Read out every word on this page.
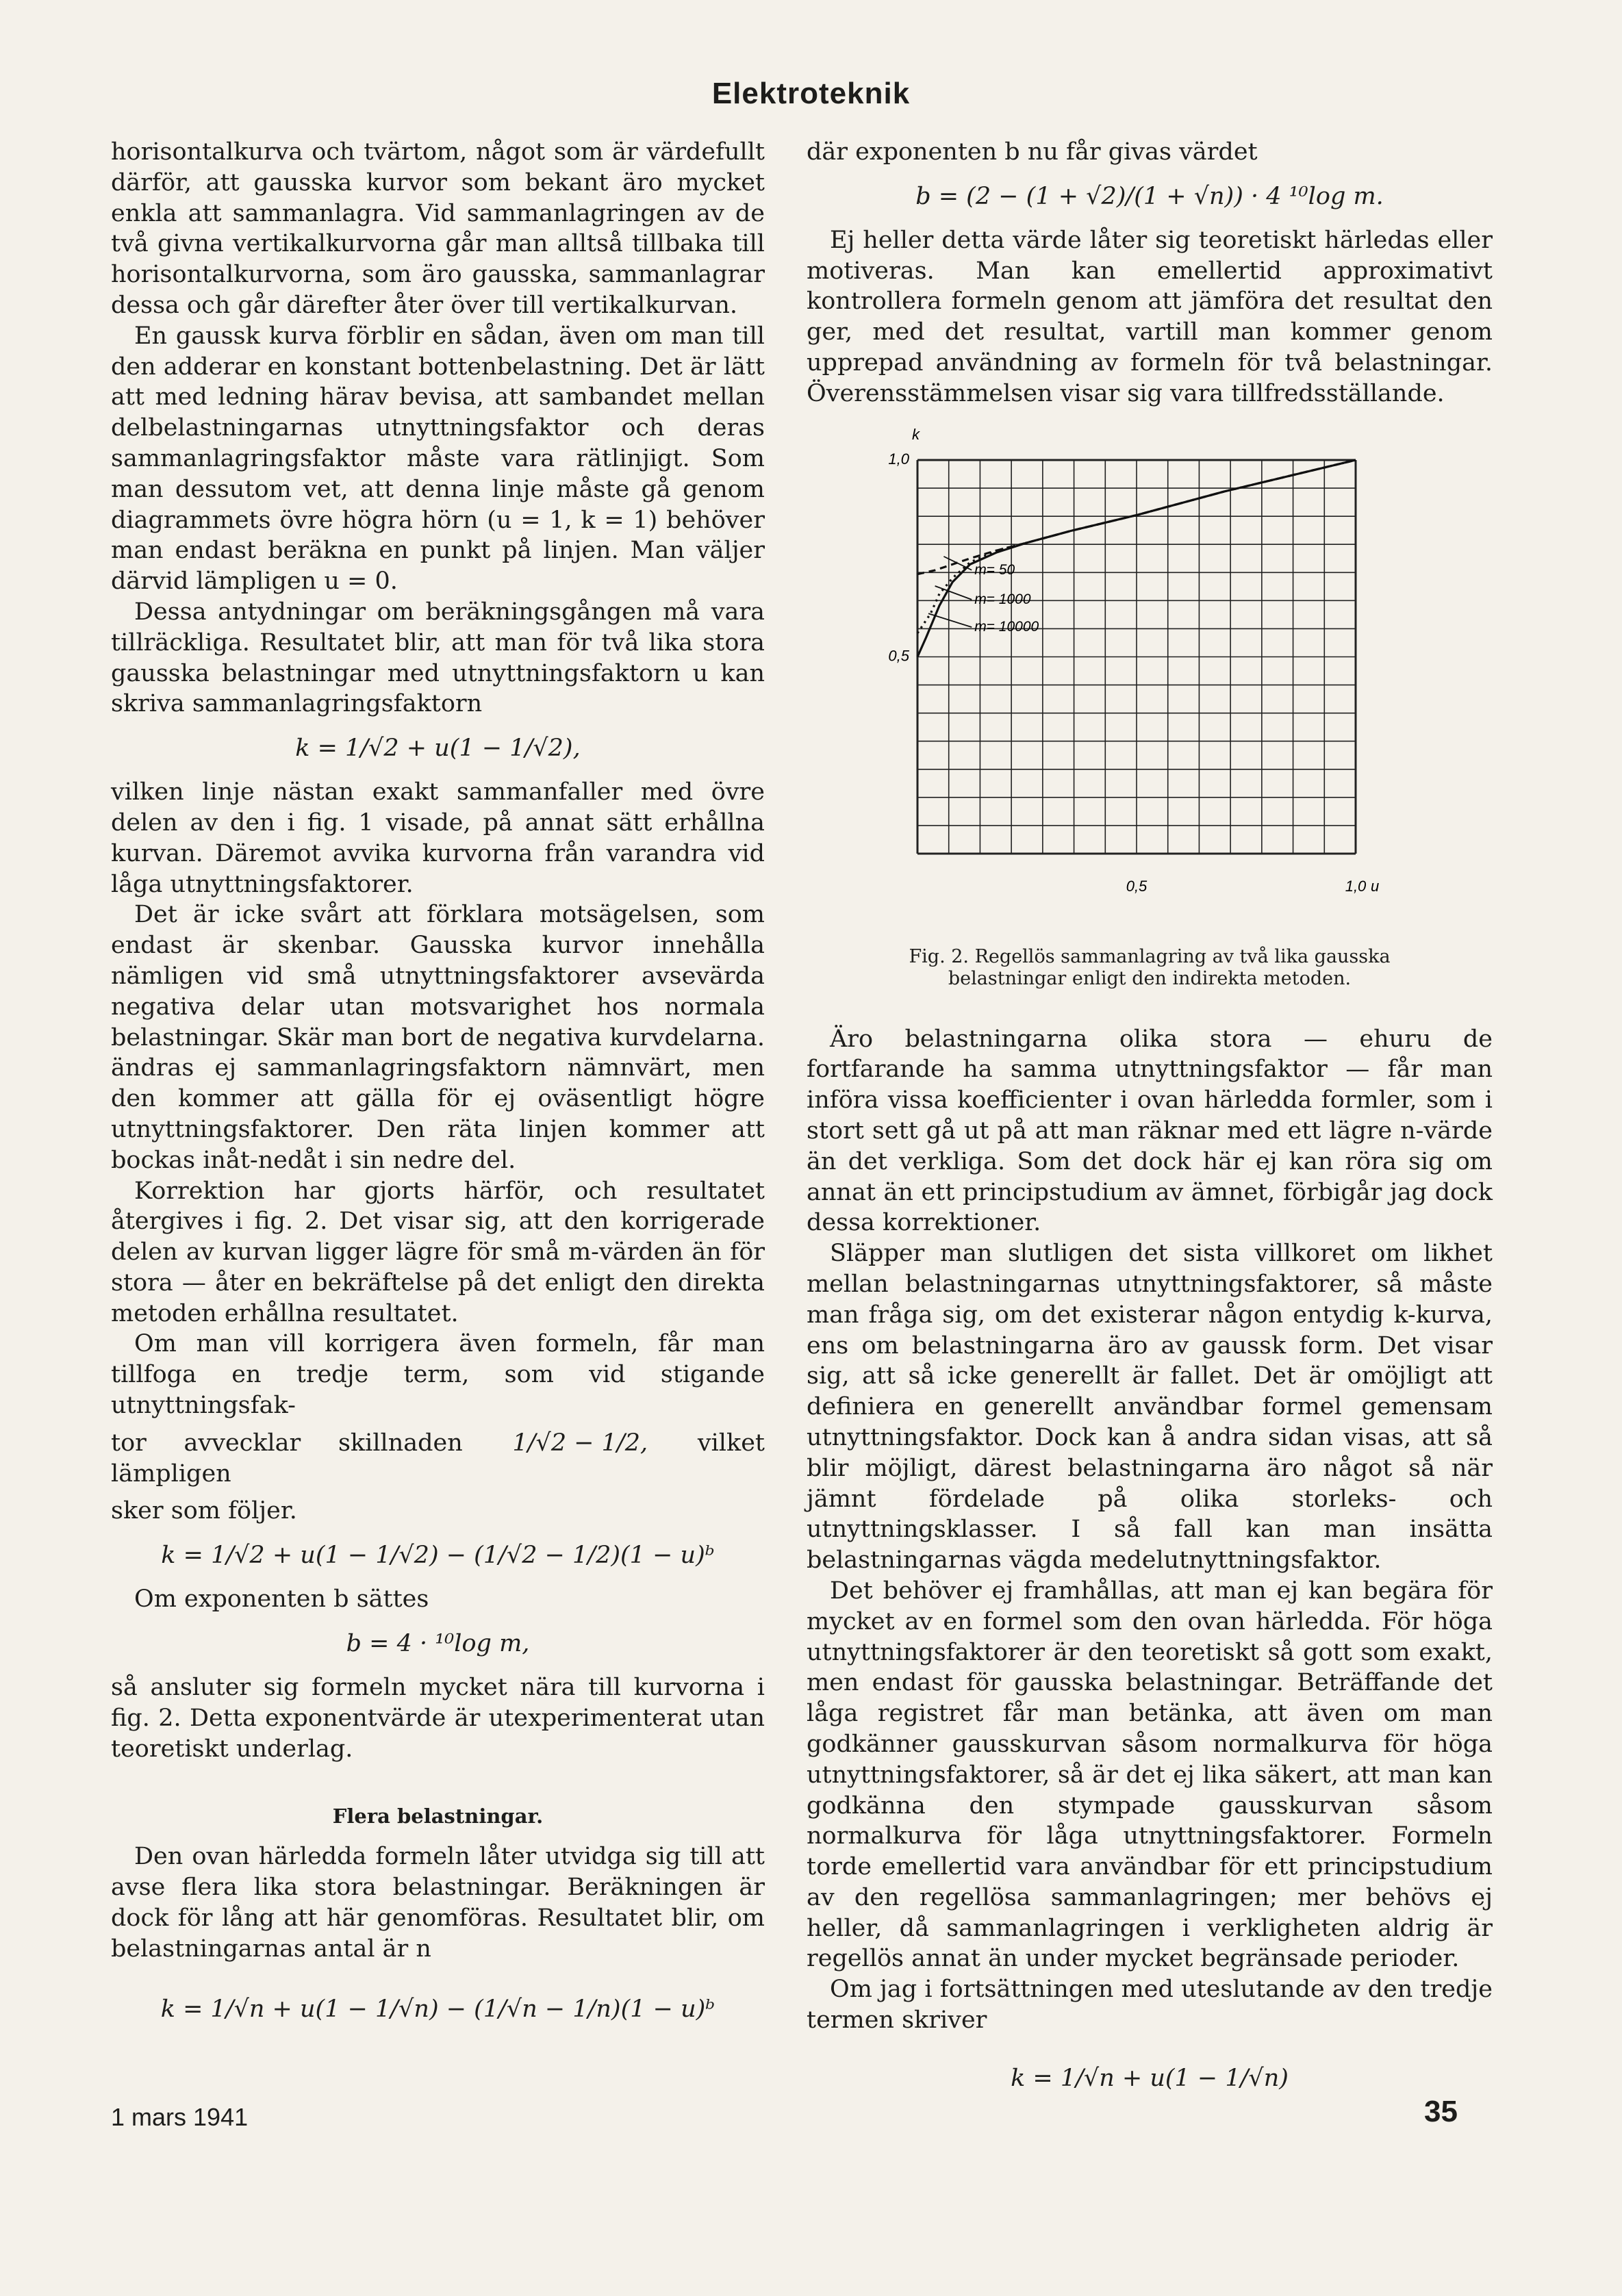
Elektroteknik

horisontalkurva och tvärtom, något som är värdefullt därför, att gausska kurvor som bekant äro mycket enkla att sammanlagra. Vid sammanlagringen av de två givna vertikalkurvorna går man alltså tillbaka till horisontalkurvorna, som äro gausska, sammanlagrar dessa och går därefter åter över till vertikalkurvan.

En gaussk kurva förblir en sådan, även om man till den adderar en konstant bottenbelastning. Det är lätt att med ledning härav bevisa, att sambandet mellan delbelastningarnas utnyttningsfaktor och deras sammanlagringsfaktor måste vara rätlinjigt. Som man dessutom vet, att denna linje måste gå genom diagrammets övre högra hörn (u = 1, k = 1) behöver man endast beräkna en punkt på linjen. Man väljer därvid lämpligen u = 0.

Dessa antydningar om beräkningsgången må vara tillräckliga. Resultatet blir, att man för två lika stora gausska belastningar med utnyttningsfaktorn u kan skriva sammanlagringsfaktorn

k = 1/√2 + u(1 − 1/√2),

vilken linje nästan exakt sammanfaller med övre delen av den i fig. 1 visade, på annat sätt erhållna kurvan. Däremot avvika kurvorna från varandra vid låga utnyttningsfaktorer.

Det är icke svårt att förklara motsägelsen, som endast är skenbar. Gausska kurvor innehålla nämligen vid små utnyttningsfaktorer avsevärda negativa delar utan motsvarighet hos normala belastningar. Skär man bort de negativa kurvdelarna. ändras ej sammanlagringsfaktorn nämnvärt, men den kommer att gälla för ej oväsentligt högre utnyttningsfaktorer. Den räta linjen kommer att bockas inåt-nedåt i sin nedre del.

Korrektion har gjorts härför, och resultatet återgives i fig. 2. Det visar sig, att den korrigerade delen av kurvan ligger lägre för små m-värden än för stora — åter en bekräftelse på det enligt den direkta metoden erhållna resultatet.

Om man vill korrigera även formeln, får man tillfoga en tredje term, som vid stigande utnyttningsfak-

tor avvecklar skillnaden 1/√2 − 1/2, vilket lämpligen

sker som följer.

k = 1/√2 + u(1 − 1/√2) − (1/√2 − 1/2)(1 − u)ᵇ

Om exponenten b sättes

b = 4 · ¹⁰log m,

så ansluter sig formeln mycket nära till kurvorna i fig. 2. Detta exponentvärde är utexperimenterat utan teoretiskt underlag.

Flera belastningar.

Den ovan härledda formeln låter utvidga sig till att avse flera lika stora belastningar. Beräkningen är dock för lång att här genomföras. Resultatet blir, om belastningarnas antal är n

k = 1/√n + u(1 − 1/√n) − (1/√n − 1/n)(1 − u)ᵇ

där exponenten b nu får givas värdet

b = (2 − (1 + √2)/(1 + √n)) · 4 ¹⁰log m.

Ej heller detta värde låter sig teoretiskt härledas eller motiveras. Man kan emellertid approximativt kontrollera formeln genom att jämföra det resultat den ger, med det resultat, vartill man kommer genom upprepad användning av formeln för två belastningar. Överensstämmelsen visar sig vara tillfredsställande.

k
1,0
0,5
0,5	1,0 u
m= 50
m= 1000
m= 10000
Fig. 2. Regellös sammanlagring av två lika gausska belastningar enligt den indirekta metoden.

Äro belastningarna olika stora — ehuru de fortfarande ha samma utnyttningsfaktor — får man införa vissa koefficienter i ovan härledda formler, som i stort sett gå ut på att man räknar med ett lägre n-värde än det verkliga. Som det dock här ej kan röra sig om annat än ett principstudium av ämnet, förbigår jag dock dessa korrektioner.

Släpper man slutligen det sista villkoret om likhet mellan belastningarnas utnyttningsfaktorer, så måste man fråga sig, om det existerar någon entydig k-kurva, ens om belastningarna äro av gaussk form. Det visar sig, att så icke generellt är fallet. Det är omöjligt att definiera en generellt användbar formel gemensam utnyttningsfaktor. Dock kan å andra sidan visas, att så blir möjligt, därest belastningarna äro något så när jämnt fördelade på olika storleks- och utnyttningsklasser. I så fall kan man insätta belastningarnas vägda medelutnyttningsfaktor.

Det behöver ej framhållas, att man ej kan begära för mycket av en formel som den ovan härledda. För höga utnyttningsfaktorer är den teoretiskt så gott som exakt, men endast för gausska belastningar. Beträffande det låga registret får man betänka, att även om man godkänner gausskurvan såsom normalkurva för höga utnyttningsfaktorer, så är det ej lika säkert, att man kan godkänna den stympade gausskurvan såsom normalkurva för låga utnyttningsfaktorer. Formeln torde emellertid vara användbar för ett principstudium av den regellösa sammanlagringen; mer behövs ej heller, då sammanlagringen i verkligheten aldrig är regellös annat än under mycket begränsade perioder.

Om jag i fortsättningen med uteslutande av den tredje termen skriver

k = 1/√n + u(1 − 1/√n)
1 mars 1941	35
